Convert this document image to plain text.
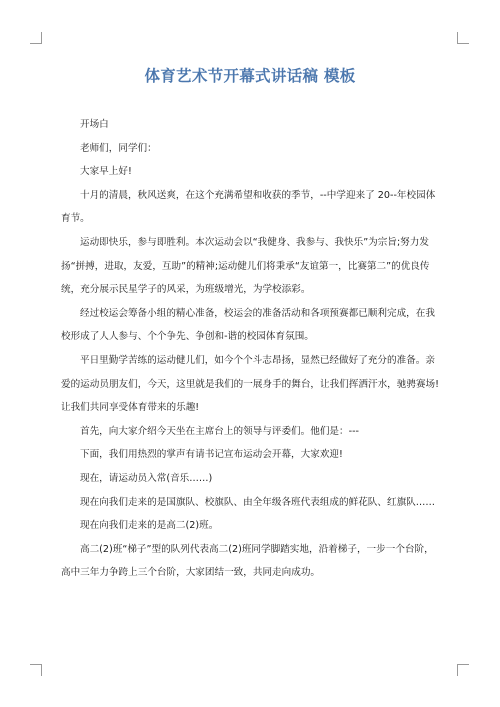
体育艺术节开幕式讲话稿 模板

开场白

老师们，同学们：

大家早上好!

十月的清晨，秋风送爽，在这个充满希望和收获的季节，--中学迎来了 20--年校园体育节。

运动即快乐，参与即胜利。本次运动会以“我健身、我参与、我快乐”为宗旨;努力发扬“拼搏，进取，友爱，互助”的精神;运动健儿们将秉承“友谊第一，比赛第二”的优良传统，充分展示民星学子的风采，为班级增光，为学校添彩。

经过校运会筹备小组的精心准备，校运会的准备活动和各项预赛都已顺利完成，在我校形成了人人参与、个个争先、争创和-谐的校园体育氛围。

平日里勤学苦练的运动健儿们，如今个个斗志昂扬，显然已经做好了充分的准备。亲爱的运动员朋友们，今天，这里就是我们的一展身手的舞台，让我们挥洒汗水，驰骋赛场!让我们共同享受体育带来的乐趣!

首先，向大家介绍今天坐在主席台上的领导与评委们。他们是：---

下面，我们用热烈的掌声有请书记宣布运动会开幕，大家欢迎!

现在，请运动员入常(音乐……)

现在向我们走来的是国旗队、校旗队、由全年级各班代表组成的鲜花队、红旗队……

现在向我们走来的是高二(2)班。

高二(2)班“梯子”型的队列代表高二(2)班同学脚踏实地，沿着梯子，一步一个台阶，高中三年力争跨上三个台阶，大家团结一致，共同走向成功。
